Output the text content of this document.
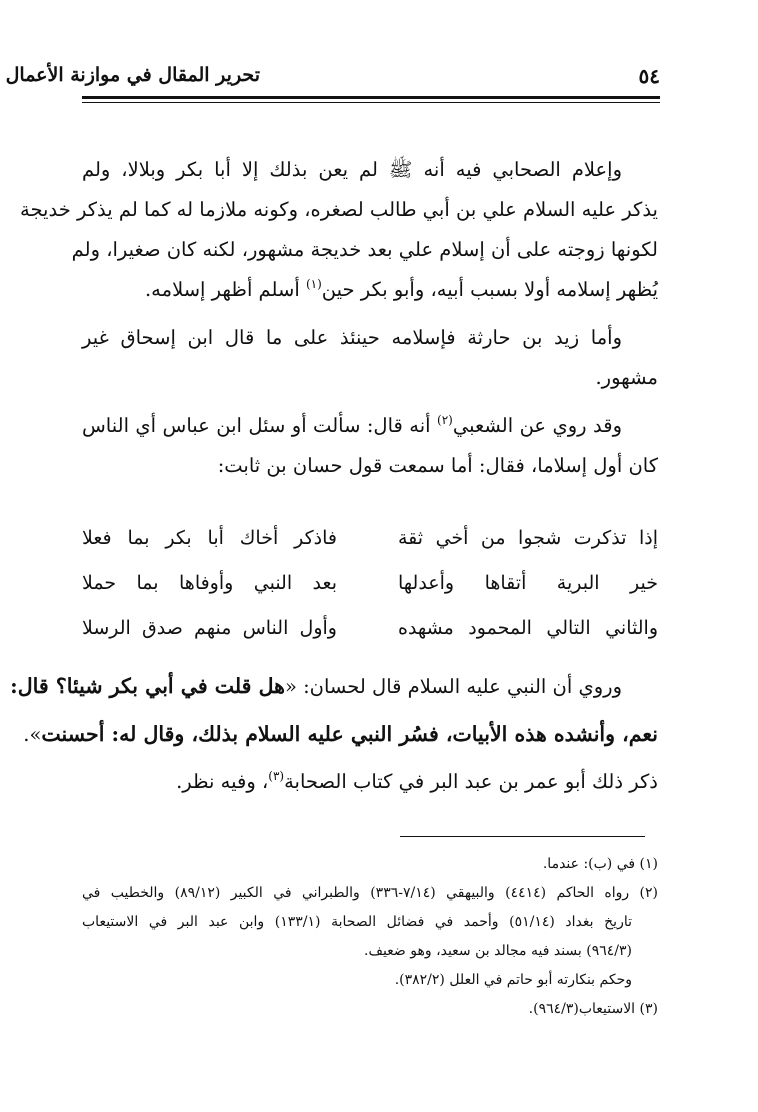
٥٤
تحرير المقال في موازنة الأعمال
وإعلام الصحابي فيه أنه ﷺ لم يعن بذلك إلا أبا بكر وبلالا، ولم
يذكر عليه السلام علي بن أبي طالب لصغره، وكونه ملازما له كما لم يذكر خديجة
لكونها زوجته على أن إسلام علي بعد خديجة مشهور، لكنه كان صغيرا، ولم
يُظهر إسلامه أولا بسبب أبيه، وأبو بكر حين$^{(١)}$ أسلم أظهر إسلامه.
وأما زيد بن حارثة فإسلامه حينئذ على ما قال ابن إسحاق غير
مشهور.
وقد روي عن الشعبي$^{(٢)}$ أنه قال: سألت أو سئل ابن عباس أي الناس
كان أول إسلاما، فقال: أما سمعت قول حسان بن ثابت:
إذا تذكرت شجوا من أخي ثقة
فاذكر أخاك أبا بكر بما فعلا
خير البرية أتقاها وأعدلها
بعد النبي وأوفاها بما حملا
والثاني التالي المحمود مشهده
وأول الناس منهم صدق الرسلا
وروي أن النبي عليه السلام قال لحسان: «هل قلت في أبي بكر شيئا؟ قال:
نعم، وأنشده هذه الأبيات، فسُر النبي عليه السلام بذلك، وقال له: أحسنت».
ذكر ذلك أبو عمر بن عبد البر في كتاب الصحابة$^{(٣)}$، وفيه نظر.
(١) في (ب): عندما.
(٢) رواه الحاكم (٤٤١٤) والبيهقي (٧/١٤-٣٣٦) والطبراني في الكبير (٨٩/١٢) والخطيب في
تاريخ بغداد (٥١/١٤) وأحمد في فضائل الصحابة (١٣٣/١) وابن عبد البر في الاستيعاب
(٩٦٤/٣) بسند فيه مجالد بن سعيد، وهو ضعيف.
وحكم بنكارته أبو حاتم في العلل (٣٨٢/٢).
(٣) الاستيعاب(٩٦٤/٣).
